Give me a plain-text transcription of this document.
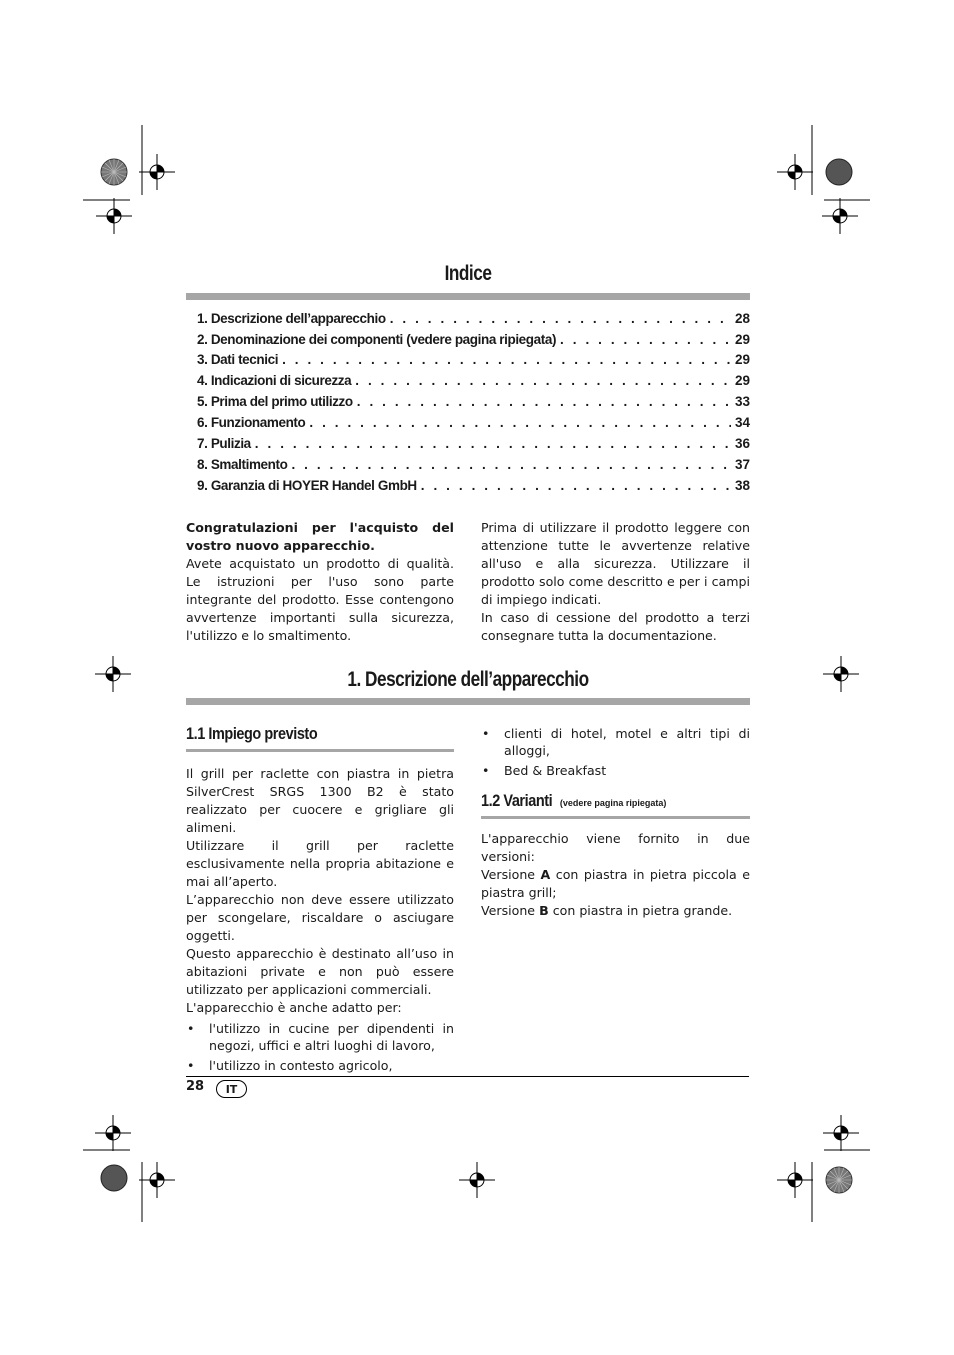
Indice
1. Descrizione dell’apparecchio . . .	28
2. Denominazione dei componenti (vedere pagina ripiegata) . . .	29
3. Dati tecnici . . .	29
4. Indicazioni di sicurezza . . .	29
5. Prima del primo utilizzo . . .	33
6. Funzionamento . . .	34
7. Pulizia . . .	36
8. Smaltimento . . .	37
9. Garanzia di HOYER Handel GmbH . . .	38
Congratulazioni per l'acquisto del vostro nuovo apparecchio.
Avete acquistato un prodotto di qualità. Le istruzioni per l'uso sono parte integrante del prodotto. Esse contengono avvertenze importanti sulla sicurezza, l'utilizzo e lo smaltimento.
Prima di utilizzare il prodotto leggere con attenzione tutte le avvertenze relative all'uso e alla sicurezza. Utilizzare il prodotto solo come descritto e per i campi di impiego indicati.
In caso di cessione del prodotto a terzi consegnare tutta la documentazione.
1. Descrizione dell’apparecchio
1.1 Impiego previsto
Il grill per raclette con piastra in pietra SilverCrest SRGS 1300 B2 è stato realizzato per cuocere e grigliare gli alimeni.
Utilizzare il grill per raclette esclusivamente nella propria abitazione e mai all’aperto.
L’apparecchio non deve essere utilizzato per scongelare, riscaldare o asciugare oggetti.
Questo apparecchio è destinato all’uso in abitazioni private e non può essere utilizzato per applicazioni commerciali.
L'apparecchio è anche adatto per:
• l'utilizzo in cucine per dipendenti in negozi, uffici e altri luoghi di lavoro,
• l'utilizzo in contesto agricolo,
• clienti di hotel, motel e altri tipi di alloggi,
• Bed & Breakfast
1.2 Varianti (vedere pagina ripiegata)
L'apparecchio viene fornito in due versioni:
Versione A con piastra in pietra piccola e piastra grill;
Versione B con piastra in pietra grande.
28 IT
